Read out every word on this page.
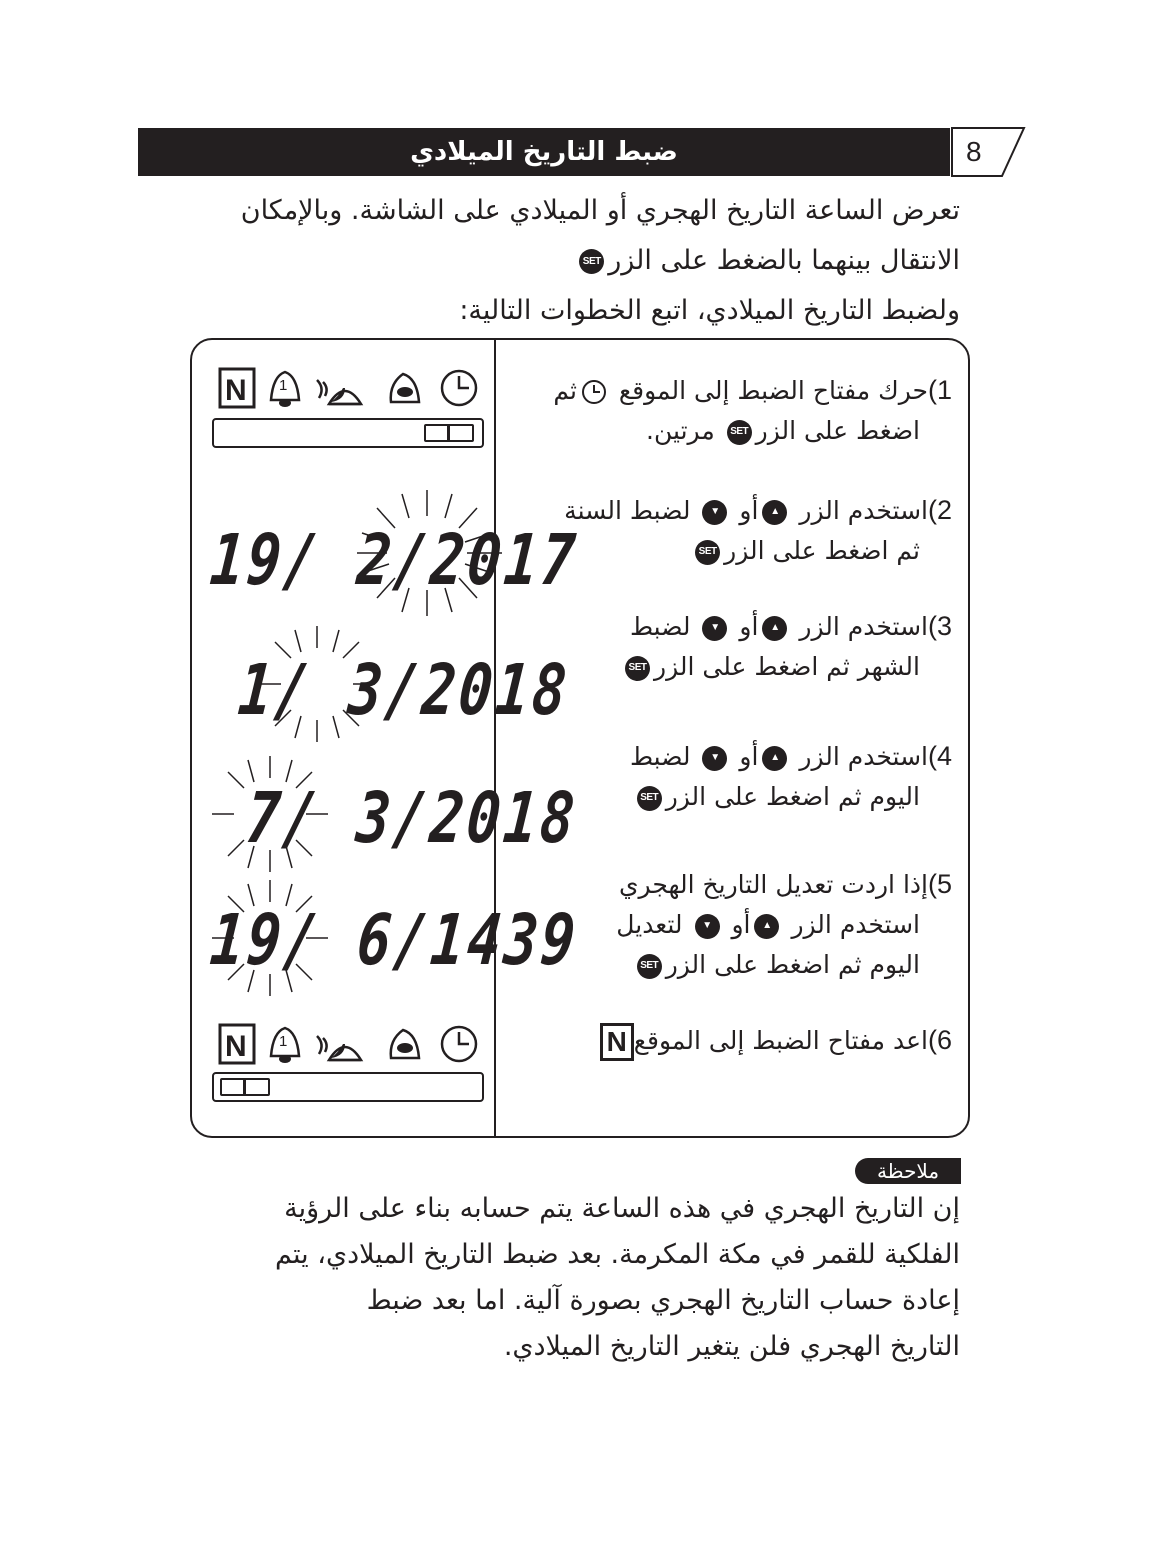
ضبط التاريخ الميلادي	8

تعرض الساعة التاريخ الهجري أو الميلادي على الشاشة. وبالإمكان

الانتقال بينهما بالضغط على الزرSET

ولضبط التاريخ الميلادي، اتبع الخطوات التالية:

N 1
19/ 2/2017
1/ 3/2018
7/ 3/2018
19/ 6/1439
N 1
1)حرك مفتاح الضبط إلى الموقع ثم
اضغط على الزرSET مرتين.
2)استخدم الزر ▲أو ▼ لضبط السنة
ثم اضغط على الزرSET
3)استخدم الزر ▲أو ▼ لضبط
الشهر ثم اضغط على الزرSET
4)استخدم الزر ▲أو ▼ لضبط
اليوم ثم اضغط على الزرSET
5)إذا اردت تعديل التاريخ الهجري
استخدم الزر ▲أو ▼ لتعديل
اليوم ثم اضغط على الزرSET
6)اعد مفتاح الضبط إلى الموقعN
ملاحظة

إن التاريخ الهجري في هذه الساعة يتم حسابه بناء على الرؤية

الفلكية للقمر في مكة المكرمة. بعد ضبط التاريخ الميلادي، يتم

إعادة حساب التاريخ الهجري بصورة آلية. اما بعد ضبط

التاريخ الهجري فلن يتغير التاريخ الميلادي.
